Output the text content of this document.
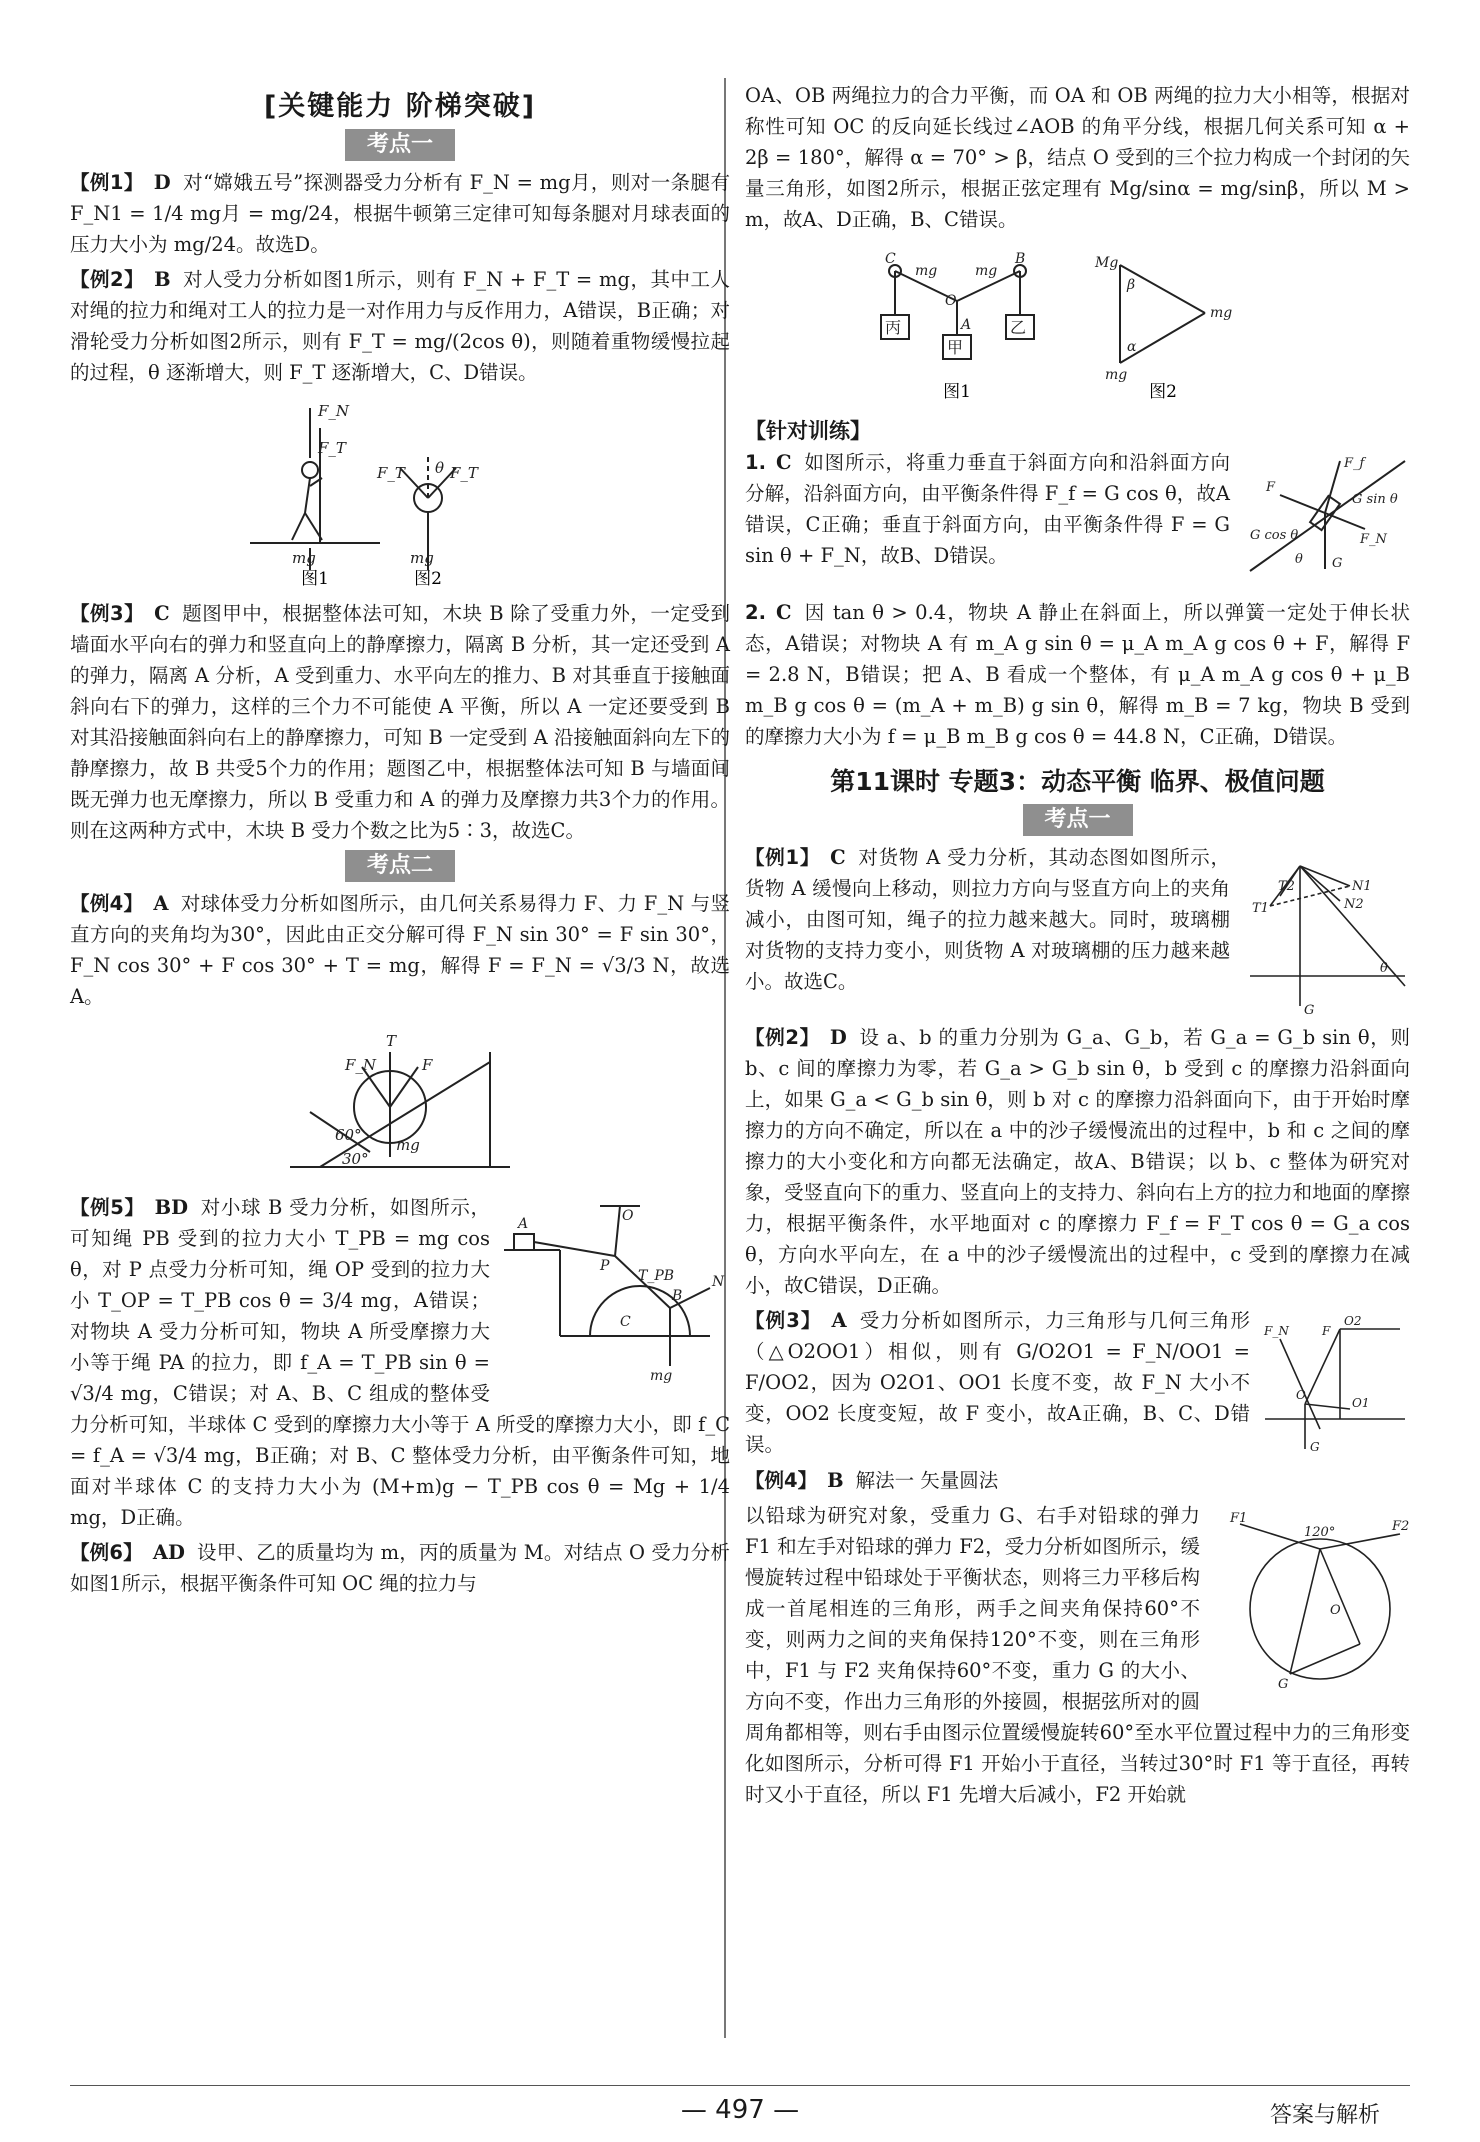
[关键能力 阶梯突破]
考点一

【例1】 D 对“嫦娥五号”探测器受力分析有 F_N = mg月，则对一条腿有 F_N1 = 1/4 mg月 = mg/24，根据牛顿第三定律可知每条腿对月球表面的压力大小为 mg/24。故选D。

【例2】 B 对人受力分析如图1所示，则有 F_N + F_T = mg，其中工人对绳的拉力和绳对工人的拉力是一对作用力与反作用力，A错误，B正确；对滑轮受力分析如图2所示，则有 F_T = mg/(2cos θ)，则随着重物缓慢拉起的过程，θ 逐渐增大，则 F_T 逐渐增大，C、D错误。

F_N
F_T
mg
F_T	F_T
θ
mg
图1	图2

【例3】 C 题图甲中，根据整体法可知，木块 B 除了受重力外，一定受到墙面水平向右的弹力和竖直向上的静摩擦力，隔离 B 分析，其一定还受到 A 的弹力，隔离 A 分析，A 受到重力、水平向左的推力、B 对其垂直于接触面斜向右下的弹力，这样的三个力不可能使 A 平衡，所以 A 一定还要受到 B 对其沿接触面斜向右上的静摩擦力，可知 B 一定受到 A 沿接触面斜向左下的静摩擦力，故 B 共受5个力的作用；题图乙中，根据整体法可知 B 与墙面间既无弹力也无摩擦力，所以 B 受重力和 A 的弹力及摩擦力共3个力的作用。则在这两种方式中，木块 B 受力个数之比为5∶3，故选C。

考点二

【例4】 A 对球体受力分析如图所示，由几何关系易得力 F、力 F_N 与竖直方向的夹角均为30°，因此由正交分解可得 F_N sin 30° = F sin 30°，F_N cos 30° + F cos 30° + T = mg，解得 F = F_N = √3/3 N，故选A。

T
F_N	F
60°
30°
mg
O
A
P
T_PB
B
N
C
mg

【例5】 BD 对小球 B 受力分析，如图所示，可知绳 PB 受到的拉力大小 T_PB = mg cos θ，对 P 点受力分析可知，绳 OP 受到的拉力大小 T_OP = T_PB cos θ = 3/4 mg，A错误；对物块 A 受力分析可知，物块 A 所受摩擦力大小等于绳 PA 的拉力，即 f_A = T_PB sin θ = √3/4 mg，C错误；对 A、B、C 组成的整体受力分析可知，半球体 C 受到的摩擦力大小等于 A 所受的摩擦力大小，即 f_C = f_A = √3/4 mg，B正确；对 B、C 整体受力分析，由平衡条件可知，地面对半球体 C 的支持力大小为 (M+m)g − T_PB cos θ = Mg + 1/4 mg，D正确。

【例6】 AD 设甲、乙的质量均为 m，丙的质量为 M。对结点 O 受力分析如图1所示，根据平衡条件可知 OC 绳的拉力与

OA、OB 两绳拉力的合力平衡，而 OA 和 OB 两绳的拉力大小相等，根据对称性可知 OC 的反向延长线过∠AOB 的角平分线，根据几何关系可知 α + 2β = 180°，解得 α = 70° > β，结点 O 受到的三个拉力构成一个封闭的矢量三角形，如图2所示，根据正弦定理有 Mg/sinα = mg/sinβ，所以 M > m，故A、D正确，B、C错误。

C
mg	mg
B
O
A
Mg
mg
mg
β
α
丙	乙
甲
图1	图2
【针对训练】
F_f
F
G sin θ
G cos θ	F_N
G
θ

1. C 如图所示，将重力垂直于斜面方向和沿斜面方向分解，沿斜面方向，由平衡条件得 F_f = G cos θ，故A错误，C正确；垂直于斜面方向，由平衡条件得 F = G sin θ + F_N，故B、D错误。

2. C 因 tan θ > 0.4，物块 A 静止在斜面上，所以弹簧一定处于伸长状态，A错误；对物块 A 有 m_A g sin θ = μ_A m_A g cos θ + F，解得 F = 2.8 N，B错误；把 A、B 看成一个整体，有 μ_A m_A g cos θ + μ_B m_B g cos θ = (m_A + m_B) g sin θ，解得 m_B = 7 kg，物块 B 受到的摩擦力大小为 f = μ_B m_B g cos θ = 44.8 N，C正确，D错误。

第11课时 专题3：动态平衡 临界、极值问题
考点一
T1
T2	N1
N2
G
θ

【例1】 C 对货物 A 受力分析，其动态图如图所示，货物 A 缓慢向上移动，则拉力方向与竖直方向上的夹角减小，由图可知，绳子的拉力越来越大。同时，玻璃棚对货物的支持力变小，则货物 A 对玻璃棚的压力越来越小。故选C。

【例2】 D 设 a、b 的重力分别为 G_a、G_b，若 G_a = G_b sin θ，则 b、c 间的摩擦力为零，若 G_a > G_b sin θ，b 受到 c 的摩擦力沿斜面向上，如果 G_a < G_b sin θ，则 b 对 c 的摩擦力沿斜面向下，由于开始时摩擦力的方向不确定，所以在 a 中的沙子缓慢流出的过程中，b 和 c 之间的摩擦力的大小变化和方向都无法确定，故A、B错误；以 b、c 整体为研究对象，受竖直向下的重力、竖直向上的支持力、斜向右上方的拉力和地面的摩擦力，根据平衡条件，水平地面对 c 的摩擦力 F_f = F_T cos θ = G_a cos θ，方向水平向左，在 a 中的沙子缓慢流出的过程中，c 受到的摩擦力在减小，故C错误，D正确。

F_N	F
O2
O
O1
G

【例3】 A 受力分析如图所示，力三角形与几何三角形（△O2OO1）相似，则有 G/O2O1 = F_N/OO1 = F/OO2，因为 O2O1、OO1 长度不变，故 F_N 大小不变，OO2 长度变短，故 F 变小，故A正确，B、C、D错误。

【例4】 B 解法一 矢量圆法

F1
F2
120°
O
G

以铅球为研究对象，受重力 G、右手对铅球的弹力 F1 和左手对铅球的弹力 F2，受力分析如图所示，缓慢旋转过程中铅球处于平衡状态，则将三力平移后构成一首尾相连的三角形，两手之间夹角保持60°不变，则两力之间的夹角保持120°不变，则在三角形中，F1 与 F2 夹角保持60°不变，重力 G 的大小、方向不变，作出力三角形的外接圆，根据弦所对的圆周角都相等，则右手由图示位置缓慢旋转60°至水平位置过程中力的三角形变化如图所示，分析可得 F1 开始小于直径，当转过30°时 F1 等于直径，再转时又小于直径，所以 F1 先增大后减小，F2 开始就

— 497 —	答案与解析
